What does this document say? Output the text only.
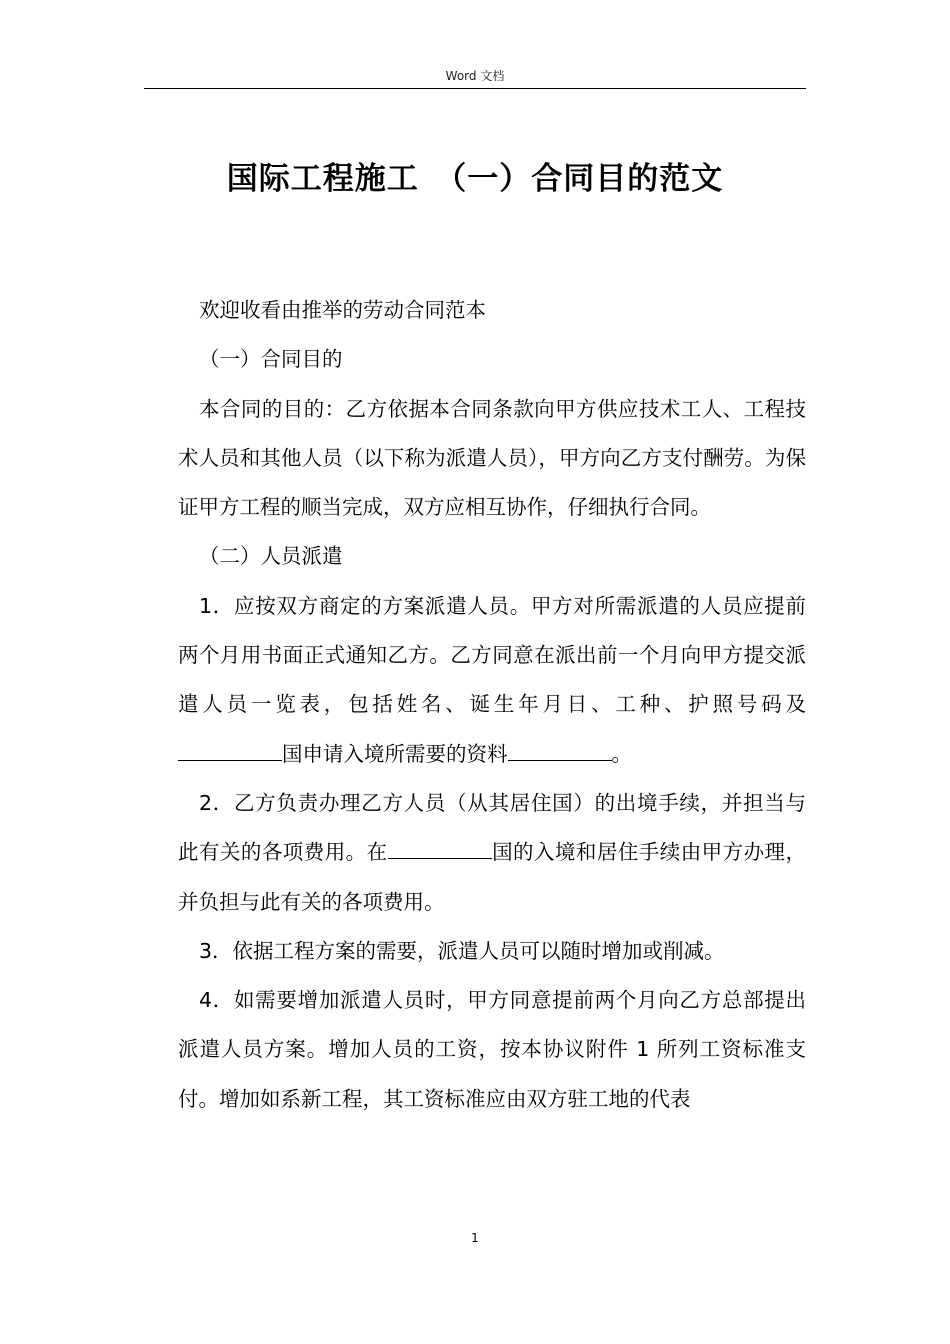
Word 文档
国际工程施工　（一）合同目的范文

欢迎收看由推举的劳动合同范本

（一）合同目的

本合同的目的：乙方依据本合同条款向甲方供应技术工人、工程技术人员和其他人员（以下称为派遣人员），甲方向乙方支付酬劳。为保证甲方工程的顺当完成，双方应相互协作，仔细执行合同。

（二）人员派遣

1．应按双方商定的方案派遣人员。甲方对所需派遣的人员应提前两个月用书面正式通知乙方。乙方同意在派出前一个月向甲方提交派遣人员一览表，包括姓名、诞生年月日、工种、护照号码及国申请入境所需要的资料	。

2．乙方负责办理乙方人员（从其居住国）的出境手续，并担当与此有关的各项费用。在	国的入境和居住手续由甲方办理，并负担与此有关的各项费用。

3．依据工程方案的需要，派遣人员可以随时增加或削减。

4．如需要增加派遣人员时，甲方同意提前两个月向乙方总部提出派遣人员方案。增加人员的工资，按本协议附件 1 所列工资标准支付。增加如系新工程，其工资标准应由双方驻工地的代表

1
